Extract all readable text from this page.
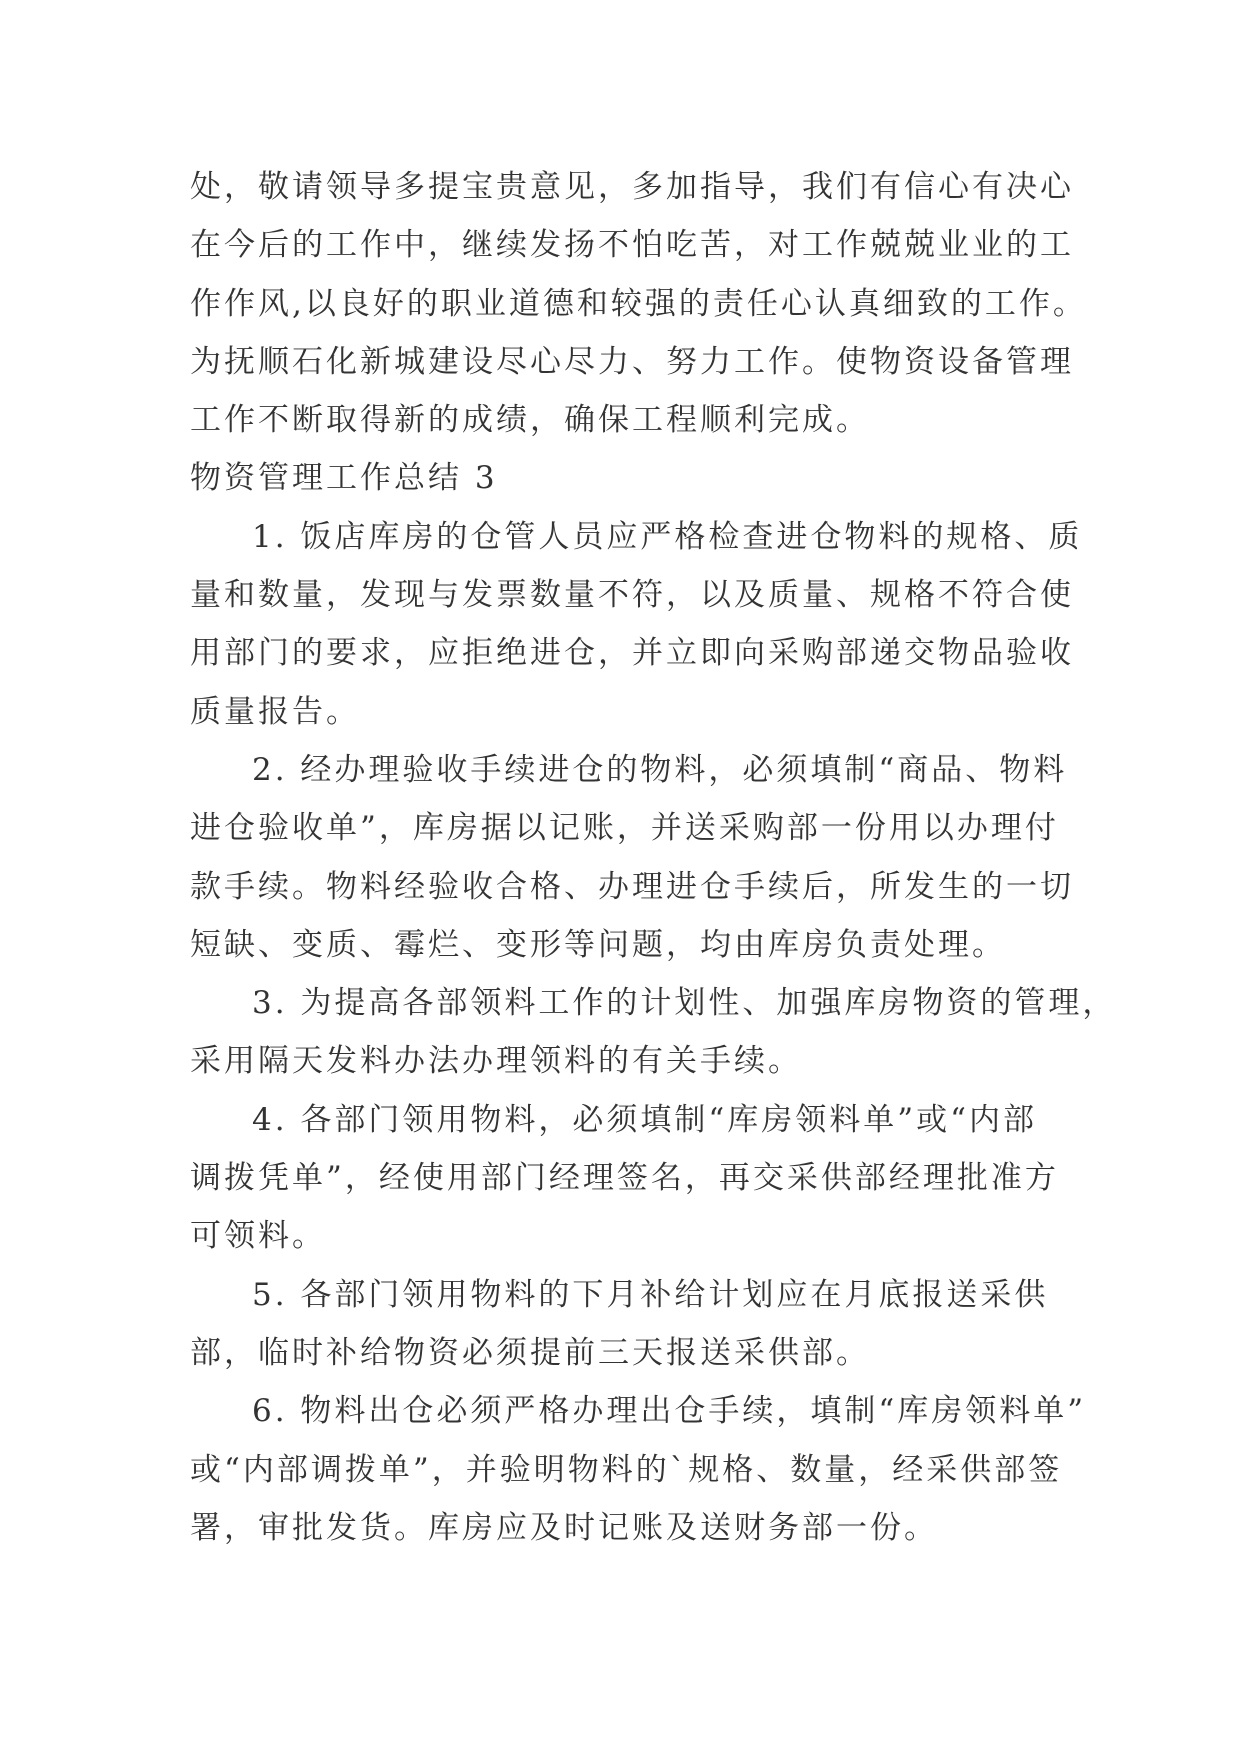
处，敬请领导多提宝贵意见，多加指导，我们有信心有决心
在今后的工作中，继续发扬不怕吃苦，对工作兢兢业业的工
作作风,以良好的职业道德和较强的责任心认真细致的工作。
为抚顺石化新城建设尽心尽力、努力工作。使物资设备管理
工作不断取得新的成绩，确保工程顺利完成。
物资管理工作总结 3
1. 饭店库房的仓管人员应严格检查进仓物料的规格、质
量和数量，发现与发票数量不符，以及质量、规格不符合使
用部门的要求，应拒绝进仓，并立即向采购部递交物品验收
质量报告。
2. 经办理验收手续进仓的物料，必须填制“商品、物料
进仓验收单”，库房据以记账，并送采购部一份用以办理付
款手续。物料经验收合格、办理进仓手续后，所发生的一切
短缺、变质、霉烂、变形等问题，均由库房负责处理。
3. 为提高各部领料工作的计划性、加强库房物资的管理，
采用隔天发料办法办理领料的有关手续。
4. 各部门领用物料，必须填制“库房领料单”或“内部
调拨凭单”，经使用部门经理签名，再交采供部经理批准方
可领料。
5. 各部门领用物料的下月补给计划应在月底报送采供
部，临时补给物资必须提前三天报送采供部。
6. 物料出仓必须严格办理出仓手续，填制“库房领料单”
或“内部调拨单”，并验明物料的`规格、数量，经采供部签
署，审批发货。库房应及时记账及送财务部一份。
